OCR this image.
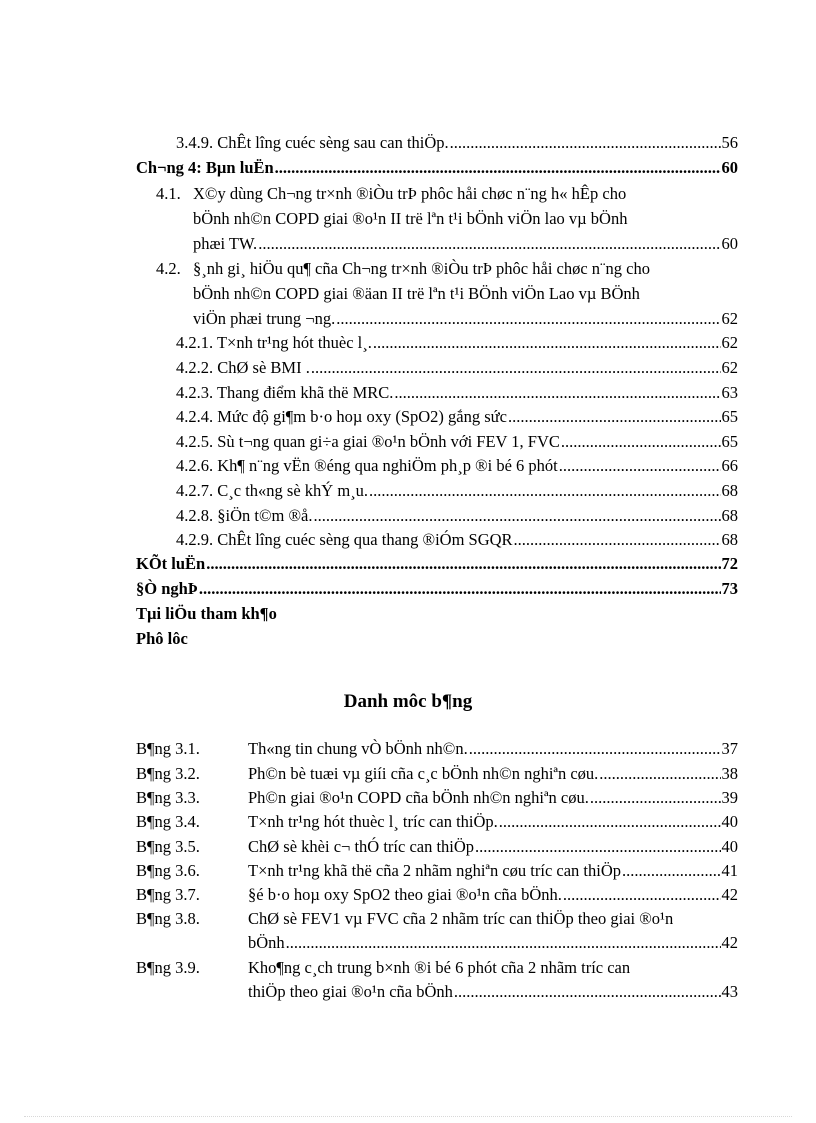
3.4.9. ChÊt lîng cuéc sèng sau can thiÖp. .....	56
Ch¬ng 4: Bµn luËn .....	60
4.1. X©y dùng Ch¬ng tr×nh ®iÒu trÞ phôc håi chøc n¨ng h« hÊp cho
bÖnh nh©n COPD giai ®o¹n II trë lªn t¹i bÖnh viÖn lao vµ bÖnh
phæi TW. .....	60
4.2. §¸nh gi¸ hiÖu qu¶ cña Ch¬ng tr×nh ®iÒu trÞ phôc håi chøc n¨ng cho
bÖnh nh©n COPD giai ®äan II trë lªn t¹i BÖnh viÖn Lao vµ BÖnh
viÖn phæi trung ¬ng. .....	62
4.2.1. T×nh tr¹ng hót thuèc l¸. .....	62
4.2.2. ChØ sè BMI . .....	62
4.2.3. Thang điểm khã thë MRC. .....	63
4.2.4. Mức độ gi¶m b·o hoµ oxy (SpO2) gắng sức .....	65
4.2.5. Sù t¬ng quan gi÷a giai ®o¹n bÖnh với FEV 1, FVC .....	65
4.2.6. Kh¶ n¨ng vËn ®éng qua nghiÖm ph¸p ®i bé 6 phót .....	66
4.2.7. C¸c th«ng sè khÝ m¸u. .....	68
4.2.8. §iÖn t©m ®å. .....	68
4.2.9. ChÊt lîng cuéc sèng qua thang ®iÓm SGQR .....	68
KÕt luËn .....	72
§Ò nghÞ .....	73
Tµi liÖu tham kh¶o
Phô lôc
Danh môc b¶ng
B¶ng 3.1.	Th«ng tin chung vÒ bÖnh nh©n. .....	37
B¶ng 3.2.	Ph©n bè tuæi vµ giíi cña c¸c bÖnh nh©n nghiªn cøu. .....	38
B¶ng 3.3.	Ph©n giai ®o¹n COPD cña bÖnh nh©n nghiªn cøu. .....	39
B¶ng 3.4.	T×nh tr¹ng hót thuèc l¸ tríc can thiÖp. .....	40
B¶ng 3.5.	ChØ sè khèi c¬ thÓ tríc can thiÖp .....	40
B¶ng 3.6.	T×nh tr¹ng khã thë cña 2 nhãm nghiªn cøu tríc can thiÖp .....	41
B¶ng 3.7.	§é b·o hoµ oxy SpO2 theo giai ®o¹n cña bÖnh. .....	42
B¶ng 3.8.	ChØ sè FEV1 vµ FVC cña 2 nhãm tríc can thiÖp theo giai ®o¹n
bÖnh .....	42
B¶ng 3.9.	Kho¶ng c¸ch trung b×nh ®i bé 6 phót cña 2 nhãm tríc can
thiÖp theo giai ®o¹n cña bÖnh .....	43
